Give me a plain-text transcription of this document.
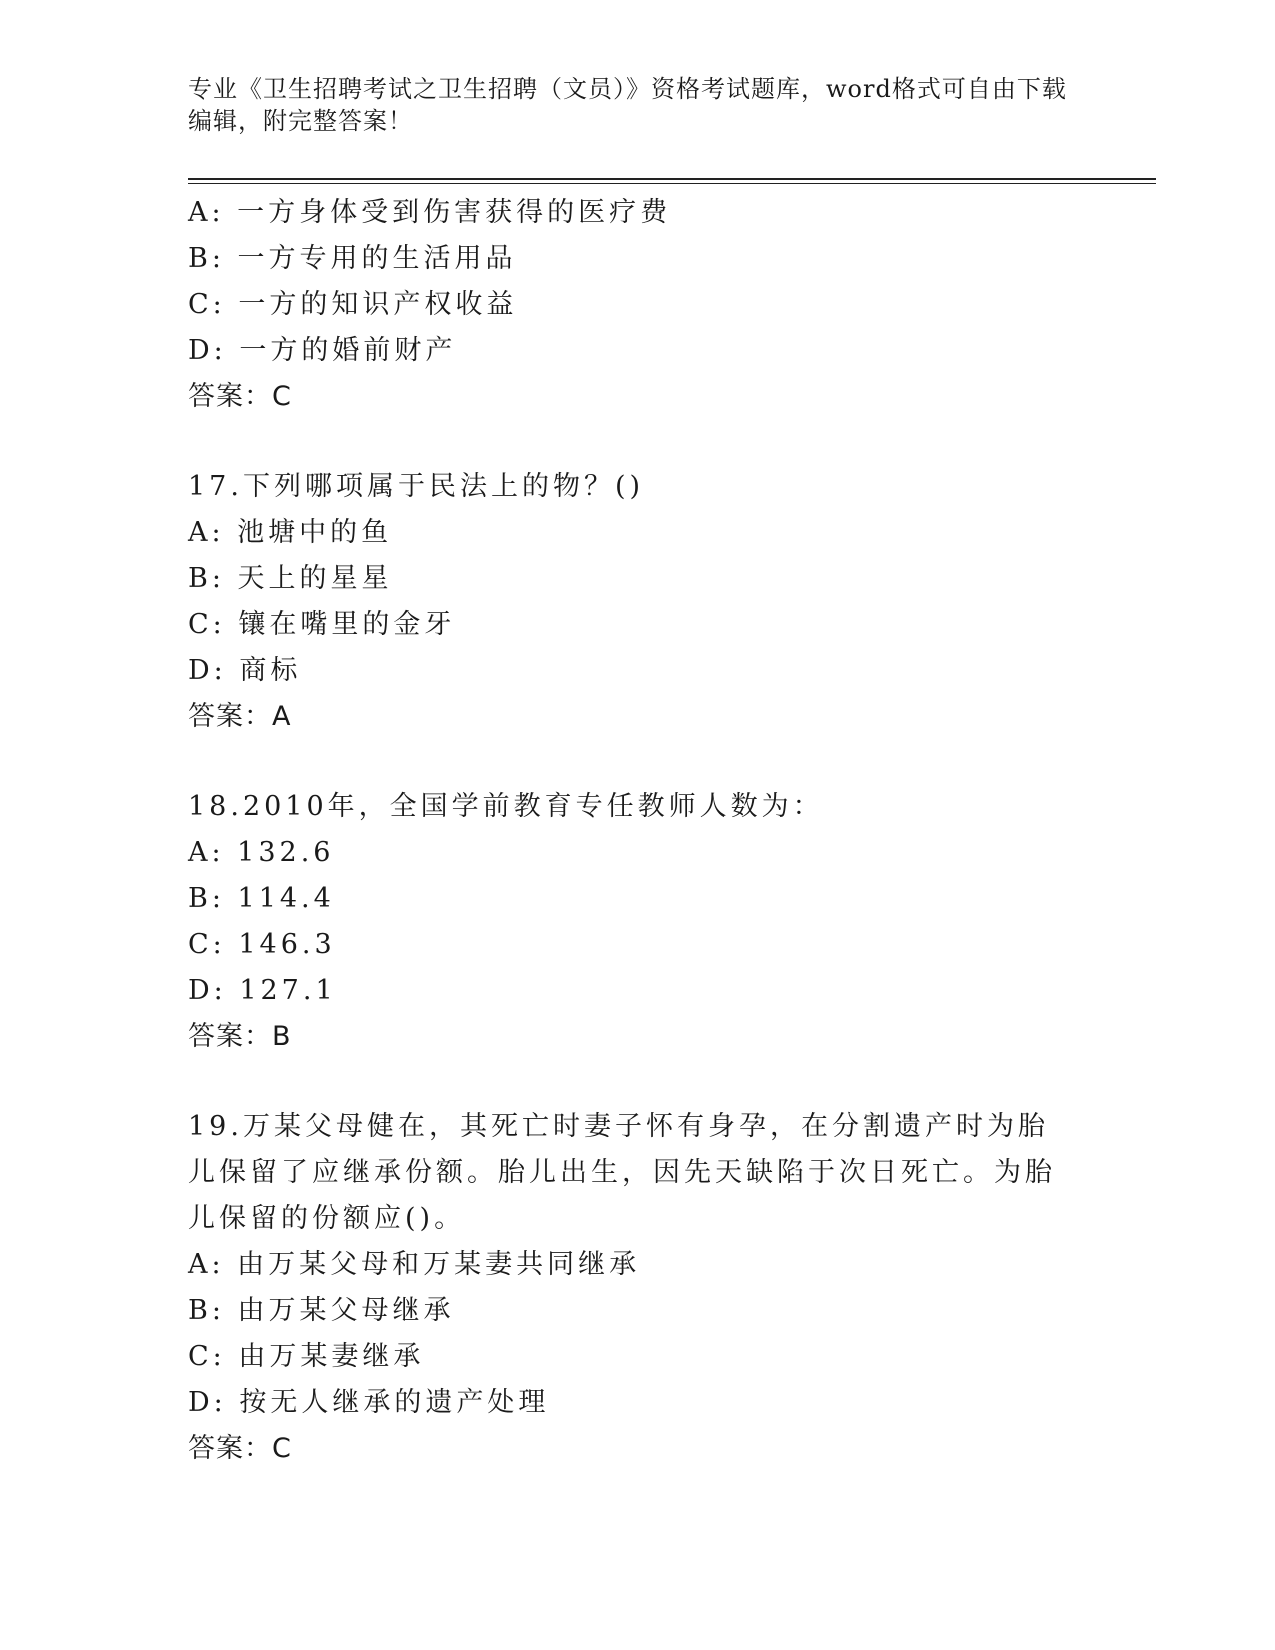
专业《卫生招聘考试之卫生招聘（文员）》资格考试题库，word格式可自由下载编辑，附完整答案！
A: 一方身体受到伤害获得的医疗费
B: 一方专用的生活用品
C: 一方的知识产权收益
D: 一方的婚前财产
答案：C
17.下列哪项属于民法上的物？()
A: 池塘中的鱼
B: 天上的星星
C: 镶在嘴里的金牙
D: 商标
答案：A
18.2010年，全国学前教育专任教师人数为：
A: 132.6
B: 114.4
C: 146.3
D: 127.1
答案：B
19.万某父母健在，其死亡时妻子怀有身孕，在分割遗产时为胎儿保留了应继承份额。胎儿出生，因先天缺陷于次日死亡。为胎儿保留的份额应()。
A: 由万某父母和万某妻共同继承
B: 由万某父母继承
C: 由万某妻继承
D: 按无人继承的遗产处理
答案：C
